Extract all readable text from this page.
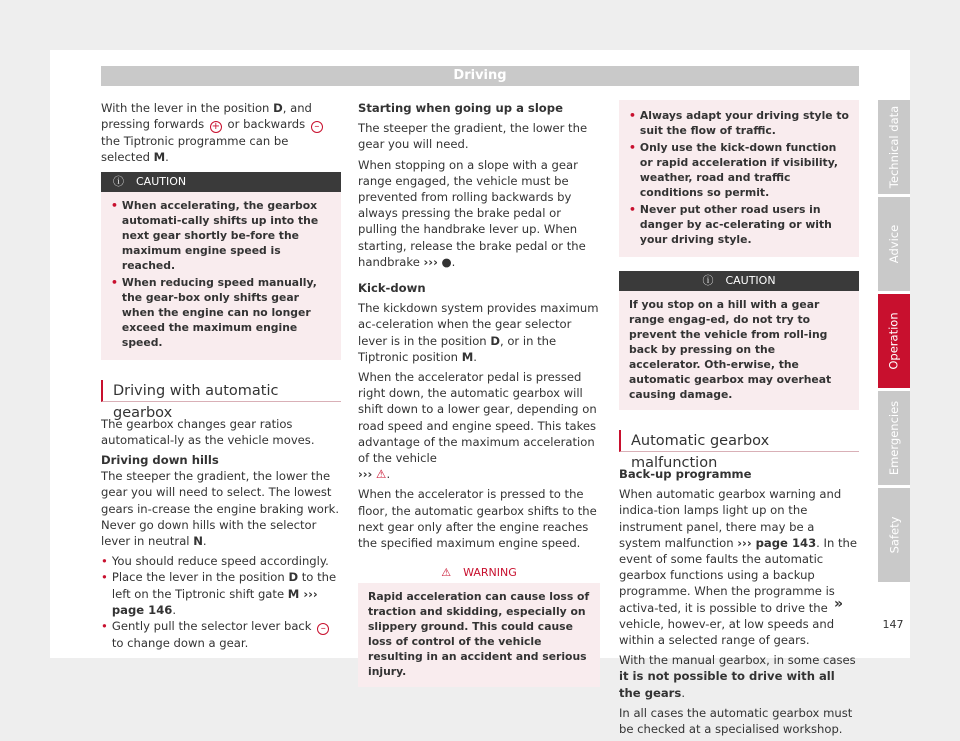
Driving

With the lever in the position D, and pressing forwards + or backwards – the Tiptronic programme can be selected M.

ⓘ CAUTION
• When accelerating, the gearbox automati-cally shifts up into the next gear shortly be-fore the maximum engine speed is reached.
• When reducing speed manually, the gear-box only shifts gear when the engine can no longer exceed the maximum engine speed.
Driving with automatic gearbox

The gearbox changes gear ratios automatical-ly as the vehicle moves.

Driving down hills
The steeper the gradient, the lower the gear you will need to select. The lowest gears in-crease the engine braking work. Never go down hills with the selector lever in neutral N.

• You should reduce speed accordingly.
• Place the lever in the position D to the left on the Tiptronic shift gate M ››› page 146.
• Gently pull the selector lever back – to change down a gear.

Starting when going up a slope

The steeper the gradient, the lower the gear you will need.

When stopping on a slope with a gear range engaged, the vehicle must be prevented from rolling backwards by always pressing the brake pedal or pulling the handbrake lever up. When starting, release the brake pedal or the handbrake ››› ●.

Kick-down

The kickdown system provides maximum ac-celeration when the gear selector lever is in the position D, or in the Tiptronic position M.

When the accelerator pedal is pressed right down, the automatic gearbox will shift down to a lower gear, depending on road speed and engine speed. This takes advantage of the maximum acceleration of the vehicle
››› ⚠.

When the accelerator is pressed to the floor, the automatic gearbox shifts to the next gear only after the engine reaches the specified maximum engine speed.

⚠ WARNING
Rapid acceleration can cause loss of traction and skidding, especially on slippery ground. This could cause loss of control of the vehicle resulting in an accident and serious injury.
• Always adapt your driving style to suit the flow of traffic.
• Only use the kick-down function or rapid acceleration if visibility, weather, road and traffic conditions so permit.
• Never put other road users in danger by ac-celerating or with your driving style.
ⓘ CAUTION
If you stop on a hill with a gear range engag-ed, do not try to prevent the vehicle from roll-ing back by pressing on the accelerator. Oth-erwise, the automatic gearbox may overheat causing damage.
Automatic gearbox malfunction

Back-up programme

When automatic gearbox warning and indica-tion lamps light up on the instrument panel, there may be a system malfunction ››› page 143. In the event of some faults the automatic gearbox functions using a backup programme. When the programme is activa-ted, it is possible to drive the vehicle, howev-er, at low speeds and within a selected range of gears.

With the manual gearbox, in some cases it is not possible to drive with all the gears.

In all cases the automatic gearbox must be checked at a specialised workshop.

»
Technical data
Advice
Operation
Emergencies
Safety
147
